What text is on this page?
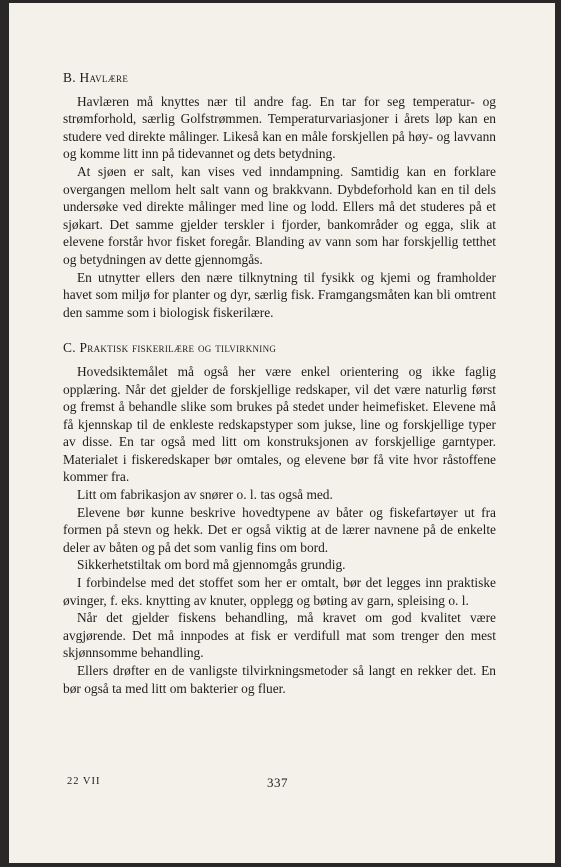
B. Havlære

Havlæren må knyttes nær til andre fag. En tar for seg temperatur- og strømforhold, særlig Golfstrømmen. Temperaturvariasjoner i årets løp kan en studere ved direkte målinger. Likeså kan en måle forskjellen på høy- og lavvann og komme litt inn på tidevannet og dets betydning.

At sjøen er salt, kan vises ved inndampning. Samtidig kan en forklare overgangen mellom helt salt vann og brakkvann. Dybdeforhold kan en til dels undersøke ved direkte målinger med line og lodd. Ellers må det studeres på et sjøkart. Det samme gjelder terskler i fjorder, bankområder og egga, slik at elevene forstår hvor fisket foregår. Blanding av vann som har forskjellig tetthet og betydningen av dette gjennomgås.

En utnytter ellers den nære tilknytning til fysikk og kjemi og framholder havet som miljø for planter og dyr, særlig fisk. Framgangsmåten kan bli omtrent den samme som i biologisk fiskerilære.

C. Praktisk fiskerilære og tilvirkning

Hovedsiktemålet må også her være enkel orientering og ikke faglig opplæring. Når det gjelder de forskjellige redskaper, vil det være naturlig først og fremst å behandle slike som brukes på stedet under heimefisket. Elevene må få kjennskap til de enkleste redskapstyper som jukse, line og forskjellige typer av disse. En tar også med litt om konstruksjonen av forskjellige garntyper. Materialet i fiskeredskaper bør omtales, og elevene bør få vite hvor råstoffene kommer fra.

Litt om fabrikasjon av snører o. l. tas også med.

Elevene bør kunne beskrive hovedtypene av båter og fiskefartøyer ut fra formen på stevn og hekk. Det er også viktig at de lærer navnene på de enkelte deler av båten og på det som vanlig fins om bord.

Sikkerhetstiltak om bord må gjennomgås grundig.

I forbindelse med det stoffet som her er omtalt, bør det legges inn praktiske øvinger, f. eks. knytting av knuter, opplegg og bøting av garn, spleising o. l.

Når det gjelder fiskens behandling, må kravet om god kvalitet være avgjørende. Det må innpodes at fisk er verdifull mat som trenger den mest skjønnsomme behandling.

Ellers drøfter en de vanligste tilvirkningsmetoder så langt en rekker det. En bør også ta med litt om bakterier og fluer.

22 VII	337
